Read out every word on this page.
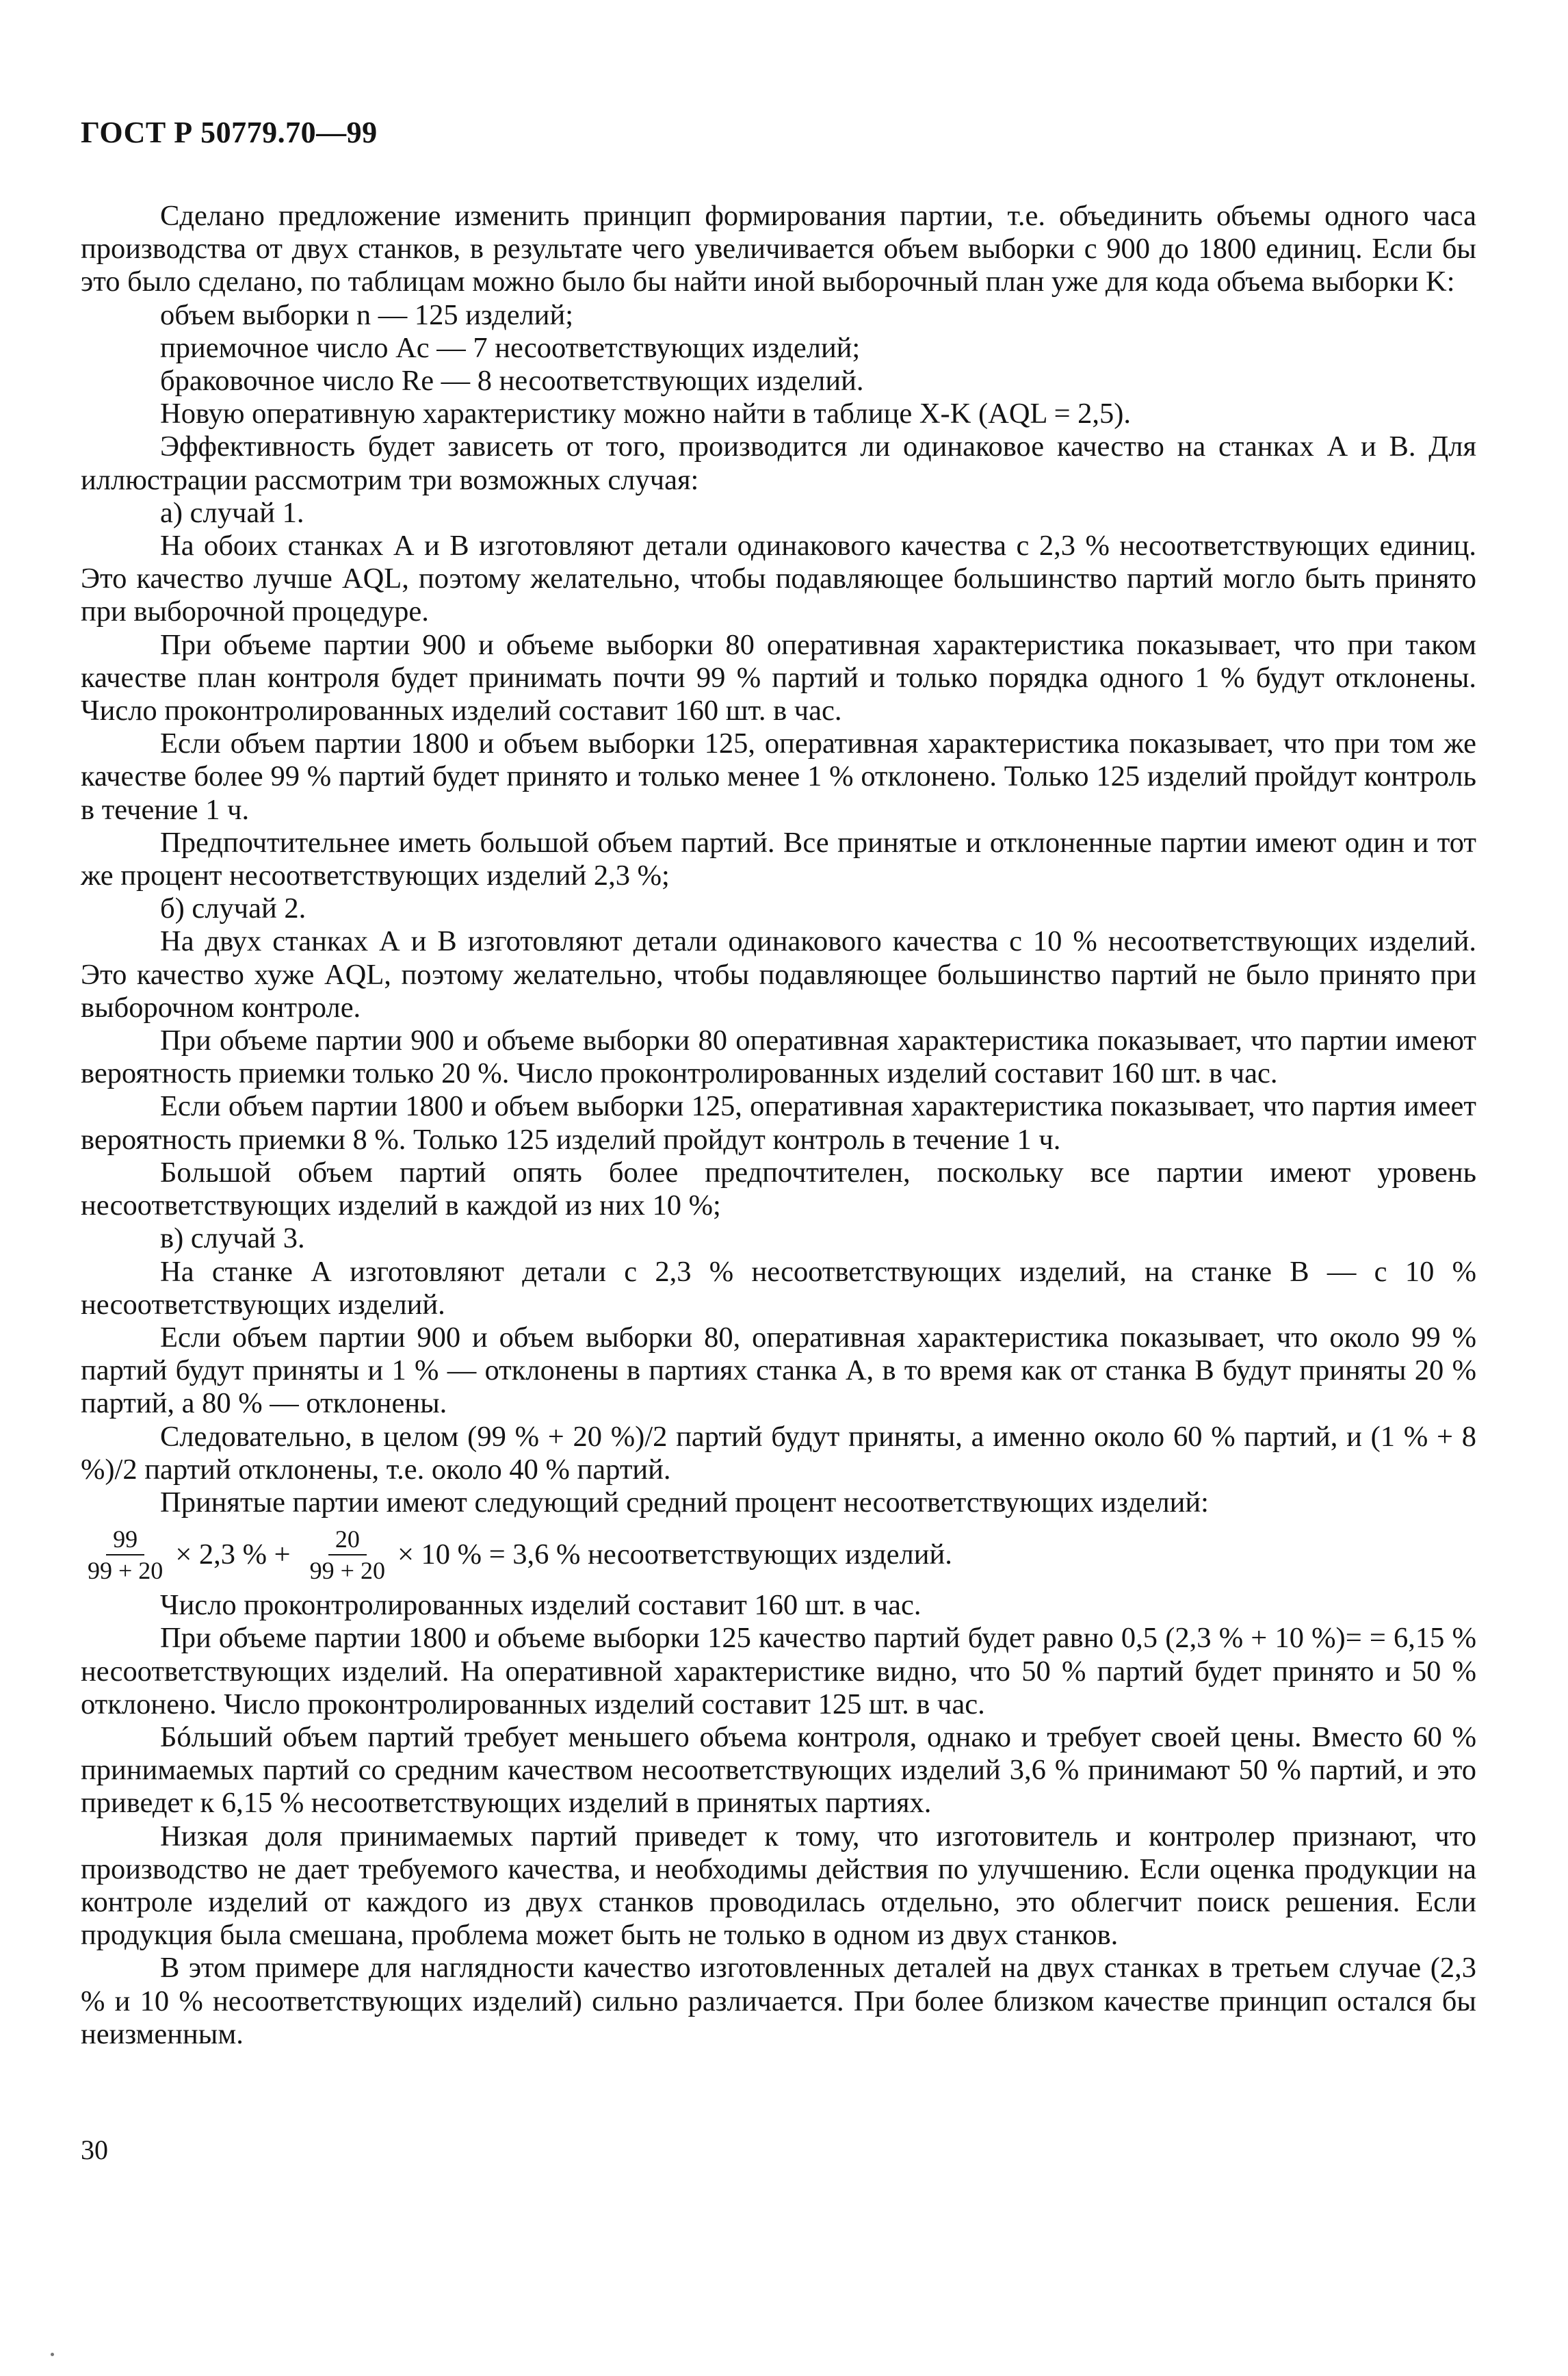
ГОСТ Р 50779.70—99

Сделано предложение изменить принцип формирования партии, т.е. объединить объемы одного часа производства от двух станков, в результате чего увеличивается объем выборки с 900 до 1800 единиц. Если бы это было сделано, по таблицам можно было бы найти иной выборочный план уже для кода объема выборки K:

объем выборки n — 125 изделий;

приемочное число Ac — 7 несоответствующих изделий;

браковочное число Re — 8 несоответствующих изделий.

Новую оперативную характеристику можно найти в таблице X-K (AQL = 2,5).

Эффективность будет зависеть от того, производится ли одинаковое качество на станках А и В. Для иллюстрации рассмотрим три возможных случая:

а) случай 1.

На обоих станках А и В изготовляют детали одинакового качества с 2,3 % несоответствующих единиц. Это качество лучше AQL, поэтому желательно, чтобы подавляющее большинство партий могло быть принято при выборочной процедуре.

При объеме партии 900 и объеме выборки 80 оперативная характеристика показывает, что при таком качестве план контроля будет принимать почти 99 % партий и только порядка одного 1 % будут отклонены. Число проконтролированных изделий составит 160 шт. в час.

Если объем партии 1800 и объем выборки 125, оперативная характеристика показывает, что при том же качестве более 99 % партий будет принято и только менее 1 % отклонено. Только 125 изделий пройдут контроль в течение 1 ч.

Предпочтительнее иметь большой объем партий. Все принятые и отклоненные партии имеют один и тот же процент несоответствующих изделий 2,3 %;

б) случай 2.

На двух станках А и В изготовляют детали одинакового качества с 10 % несоответствующих изделий. Это качество хуже AQL, поэтому желательно, чтобы подавляющее большинство партий не было принято при выборочном контроле.

При объеме партии 900 и объеме выборки 80 оперативная характеристика показывает, что партии имеют вероятность приемки только 20 %. Число проконтролированных изделий составит 160 шт. в час.

Если объем партии 1800 и объем выборки 125, оперативная характеристика показывает, что партия имеет вероятность приемки 8 %. Только 125 изделий пройдут контроль в течение 1 ч.

Большой объем партий опять более предпочтителен, поскольку все партии имеют уровень несоответствующих изделий в каждой из них 10 %;

в) случай 3.

На станке А изготовляют детали с 2,3 % несоответствующих изделий, на станке В — с 10 % несоответствующих изделий.

Если объем партии 900 и объем выборки 80, оперативная характеристика показывает, что около 99 % партий будут приняты и 1 % — отклонены в партиях станка А, в то время как от станка В будут приняты 20 % партий, а 80 % — отклонены.

Следовательно, в целом (99 % + 20 %)/2 партий будут приняты, а именно около 60 % партий, и (1 % + 8 %)/2 партий отклонены, т.е. около 40 % партий.

Принятые партии имеют следующий средний процент несоответствующих изделий:

$\frac{99}{99 + 20} \times 2,3$ % + $\frac{20}{99 + 20} \times 10$ % = 3,6 % несоответствующих изделий.

Число проконтролированных изделий составит 160 шт. в час.

При объеме партии 1800 и объеме выборки 125 качество партий будет равно 0,5 (2,3 % + 10 %)= = 6,15 % несоответствующих изделий. На оперативной характеристике видно, что 50 % партий будет принято и 50 % отклонено. Число проконтролированных изделий составит 125 шт. в час.

Бóльший объем партий требует меньшего объема контроля, однако и требует своей цены. Вместо 60 % принимаемых партий со средним качеством несоответствующих изделий 3,6 % принимают 50 % партий, и это приведет к 6,15 % несоответствующих изделий в принятых партиях.

Низкая доля принимаемых партий приведет к тому, что изготовитель и контролер признают, что производство не дает требуемого качества, и необходимы действия по улучшению. Если оценка продукции на контроле изделий от каждого из двух станков проводилась отдельно, это облегчит поиск решения. Если продукция была смешана, проблема может быть не только в одном из двух станков.

В этом примере для наглядности качество изготовленных деталей на двух станках в третьем случае (2,3 % и 10 % несоответствующих изделий) сильно различается. При более близком качестве принцип остался бы неизменным.

30
